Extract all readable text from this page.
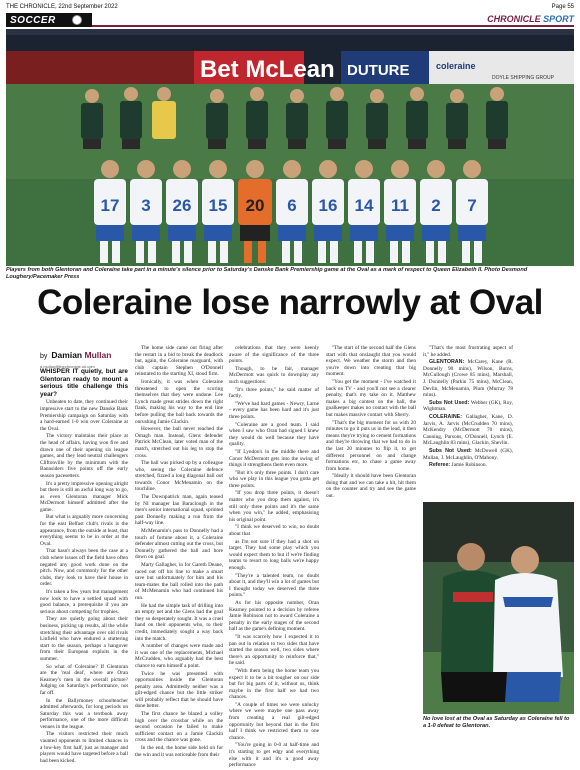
THE CHRONICLE, 22nd September 2022	Page 55
SOCCER	CHRONICLE SPORT
Bet McLean DUTURE	DOYLE SHIPPING GROUP
coleraine
17 3 26 15 20 6 16 14 11 2 7
Players from both Glentoran and Coleraine take part in a minute's silence prior to Saturday's Danske Bank Premiership game at the Oval as a mark of respect to Queen Elizabeth II. Photo Desmond Loughery/Pacemaker Press
Coleraine lose narrowly at Oval
by Damian Mullan
d.mullan@thechronicle.uk.com

WHISPER IT quietly, but are Glentoran ready to mount a serious title challenge this year?

Unbeaten to date, they continued their impressive start to the new Danske Bank Premiership campaign on Saturday with a hard-earned 1-0 win over Coleraine at the Oval.

The victory maintains their place at the head of affairs, having won five and drawn one of their opening six league games, and they lead neutral challengers Cliftonville by the minimum with the Bannsiders five points off the early season pacesetters.

It's a pretty impressive opening alright but there is still an awful long way to go, as even Glentoran manager Mick McDermott himself admitted after the game.

But what is arguably more concerning for the east Belfast club's rivals is the appearance, from the outside at least, that everything seems to be in order at the Oval.

That hasn't always been the case at a club where issues off the field have often negated any good work done on the pitch. Now, and commonly for the other clubs, they look to have their house in order.

It's taken a few years but management now look to have a settled squad with good balance, a prerequisite if you are serious about competing for trophies.

They are quietly going about their business, picking up results, all the while stretching their advantage over old rivals Linfield who have endured a stuttering start to the season, perhaps a hangover from their European exploits in the summer.

So what of Coleraine? If Glentoran are the 'real deal', where are Oran Kearney's men in the overall picture? Judging on Saturday's performance, not far off.

In the Ballymoney schoolteacher admitted afterwards, for long periods on Saturday this was a textbook away performance, one of the more difficult venues in the league.

The visitors restricted their much vaunted opponents to limited chances in a low-key first half, just as manager and players would have targeted before a ball had been kicked.

The home side came out firing after the restart in a bid to break the deadlock but, again, the Coleraine rearguard, with club captain Stephen O'Donnell reinstated to the starting XI, stood firm.

Ironically, it was when Coleraine threatened to open the scoring themselves that they were undone. Lee Lynch made great strides down the right flank, making his way to the end line before pulling the ball back towards the onrushing Jamie Glackin.

However, the ball never reached the Omagh man. Instead, Glens defender Patrick McClean, later voted man of the match, stretched out his leg to stop the cross.

The ball was picked up by a colleague who, seeing the Coleraine defence stretched, fizzed a long diagonal ball out towards Conor McMenamin on the touchline.

The Downpatrick man, again teased by NI manager Ian Baraclough in the men's senior international squad, sprinted past Donnelly making a run from the half-way line.

McMenamin's pass to Donnelly had a touch of fortune about it, a Coleraine defender almost cutting out the cross, but Donnelly gathered the ball and bore down on goal.

Marty Gallagher, in for Gareth Deane, raced out off his line to make a smart save but unfortunately for him and his team-mates the ball rolled into the path of McMenamin who had continued his run.

He had the simple task of drilling into an empty net and the Glens had the goal they so desperately sought. It was a cruel hand on their opponents who, to their credit, immediately sought a way back into the match.

A number of changes were made and it was one of the replacements, Michael McCrudden, who arguably had the best chance to earn himself a point.

Twice he was presented with opportunities inside the Glentoran penalty area. Admittedly neither was a gilt-edged chance but the little striker will probably reflect that he should have done better.

The first chance he blazed a volley high over the crossbar while on the second occasion he failed to make sufficient contact on a Jamie Glackin cross and the chance was gone.

In the end, the home side held on for the win and it was noticeable from their

celebrations that they were keenly aware of the significance of the three points.

Though, to be fair, manager McDermott was quick to downplay any such suggestions.

"It's three points," he said matter of factly.

"We've had hard games - Newry, Larne - every game has been hard and it's just three points.

"Coleraine are a good team. I said when I saw who Oran had signed I knew they would do well because they have quality.

"If Lyndon's in the middle there and Conor McDermott gets into the swing of things it strengthens them even more.

"But it's only three points. I don't care who we play in this league you gotta get three points.

"If you drop three points, it doesn't matter who you drop them against, it's still only three points and it's the same when you win," he added, emphasising his original point.

"I think we deserved to win, no doubt about that

as I'm not sure if they had a shot on target. They had some play which you would expect them to but if we're finding teams to resort to long balls we're happy enough.

"They're a talented team, no doubt about it, and they'll win a lot of games but I thought today we deserved the three points."

As for his opposite number, Oran Kearney pointed to a decision by referee Jamie Robinson not to award Coleraine a penalty in the early stages of the second half as the game's defining moment.

"It was scarcely how I expected it to pan out in relation to two sides that have started the season well, two sides where there's an opportunity to reinforce that," he said.

"With them being the home team you expect it to be a bit tougher on our side but for big parts of it, without us, think maybe in the first half we had two chances.

"A couple of times we were unlucky where we were maybe one pass away from creating a real gilt-edged opportunity but beyond that in the first half I think we restricted them to one chance.

"You're going in 0-0 at half-time and it's starting to get edgy and everything else with it and it's a good away performance

"The start of the second half the Glens start with that onslaught that you would expect. We weather the storm and then you're down into creating that big moment.

"You get the moment - I've watched it back on TV - and you'll not see a clearer penalty, that's my take on it. Matthew makes a big contest on the ball, the goalkeeper makes no contact with the ball but makes massive contact with Sherry.

"That's the big moment for us with 20 minutes to go it puts us in the lead, it then means they're trying to cement formations and they're throwing that we had to do in the last 20 minutes to flip it, to get different personnel on and change formations etc, to chase a game away from home.

"Ideally it should have been Glentoran doing that and we can take a hit, hit them on the counter and try and see the game out.

"That's the most frustrating aspect of it," he added.

GLENTORAN: McCarey, Kane (R. Donnelly 90 mins), Wilson, Burns, McCullough (Crowe 85 mins), Marshall, J. Donnelly (Parkin 75 mins), McClean, Devlin, McMenamin, Plum (Murray 78 mins).

Subs Not Used: Webber (GK), Roy, Wightman.

COLERAINE: Gallagher, Kane, D. Jarvis, A. Jarvis (McCrudden 70 mins), McKendry (McDermott 70 mins), Canning, Parsons, O'Donnell, Lynch (E. McLaughlin 83 mins), Glackin, Shevlin.

Subs Not Used: McDowell (GK), Mullan, J. McLaughlin, O'Mahony.

Referee: Jamie Robinson.

No love lost at the Oval as Saturday as Coleraine fell to a 1-0 defeat to Glentoran.
